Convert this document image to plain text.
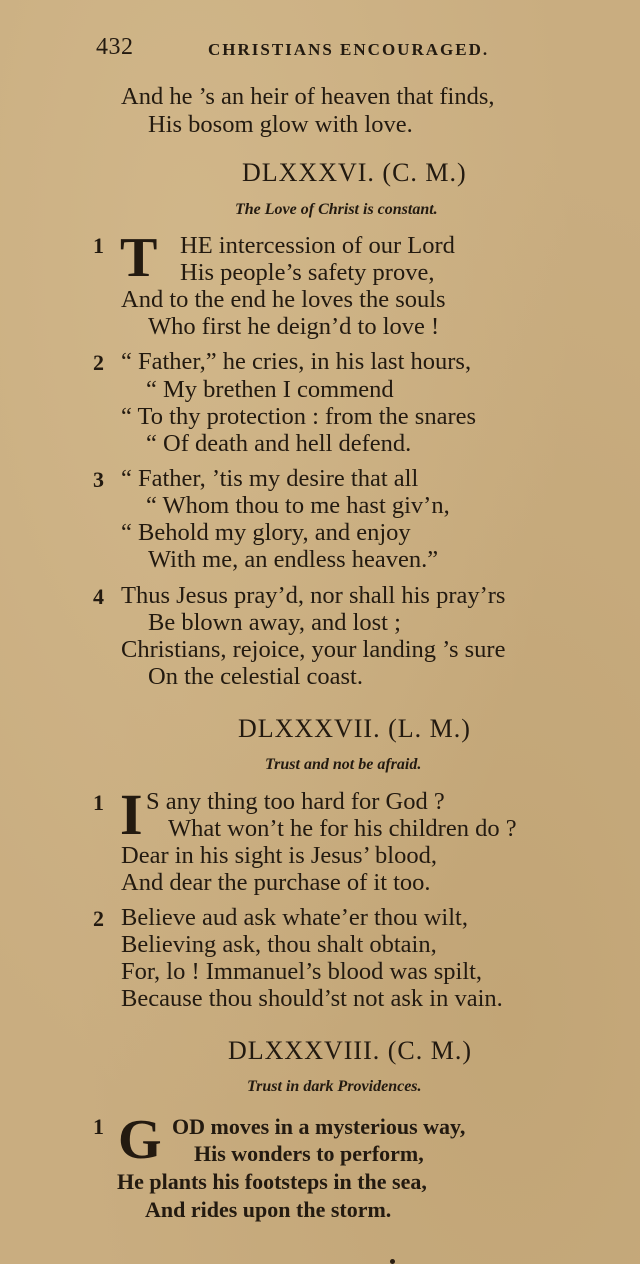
432	CHRISTIANS ENCOURAGED.
And he ’s an heir of heaven that finds,
His bosom glow with love.
DLXXXVI. (C. M.)
The Love of Christ is constant.
1 T HE intercession of our Lord
His people’s safety prove,
And to the end he loves the souls
Who first he deign’d to love !
2 “ Father,” he cries, in his last hours,
“ My brethen I commend
“ To thy protection : from the snares
“ Of death and hell defend.
3 “ Father, ’tis my desire that all
“ Whom thou to me hast giv’n,
“ Behold my glory, and enjoy
With me, an endless heaven.”
4 Thus Jesus pray’d, nor shall his pray’rs
Be blown away, and lost ;
Christians, rejoice, your landing ’s sure
On the celestial coast.
DLXXXVII. (L. M.)
Trust and not be afraid.
1 I S any thing too hard for God ?
What won’t he for his children do ?
Dear in his sight is Jesus’ blood,
And dear the purchase of it too.
2 Believe aud ask whate’er thou wilt,
Believing ask, thou shalt obtain,
For, lo ! Immanuel’s blood was spilt,
Because thou should’st not ask in vain.
DLXXXVIII. (C. M.)
Trust in dark Providences.
1 G OD moves in a mysterious way,
His wonders to perform,
He plants his footsteps in the sea,
And rides upon the storm.
